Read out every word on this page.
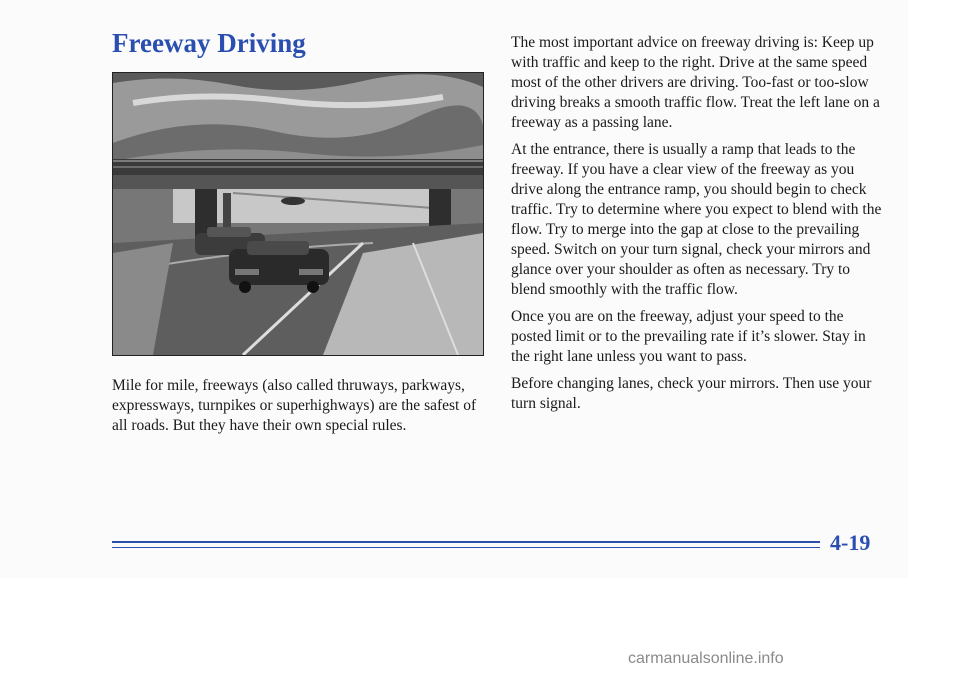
Freeway Driving

Mile for mile, freeways (also called thruways, parkways, expressways, turnpikes or superhighways) are the safest of all roads. But they have their own special rules.

The most important advice on freeway driving is: Keep up with traffic and keep to the right. Drive at the same speed most of the other drivers are driving. Too-fast or too-slow driving breaks a smooth traffic flow. Treat the left lane on a freeway as a passing lane.

At the entrance, there is usually a ramp that leads to the freeway. If you have a clear view of the freeway as you drive along the entrance ramp, you should begin to check traffic. Try to determine where you expect to blend with the flow. Try to merge into the gap at close to the prevailing speed. Switch on your turn signal, check your mirrors and glance over your shoulder as often as necessary. Try to blend smoothly with the traffic flow.

Once you are on the freeway, adjust your speed to the posted limit or to the prevailing rate if it’s slower. Stay in the right lane unless you want to pass.

Before changing lanes, check your mirrors. Then use your turn signal.

4-19
carmanualsonline.info
